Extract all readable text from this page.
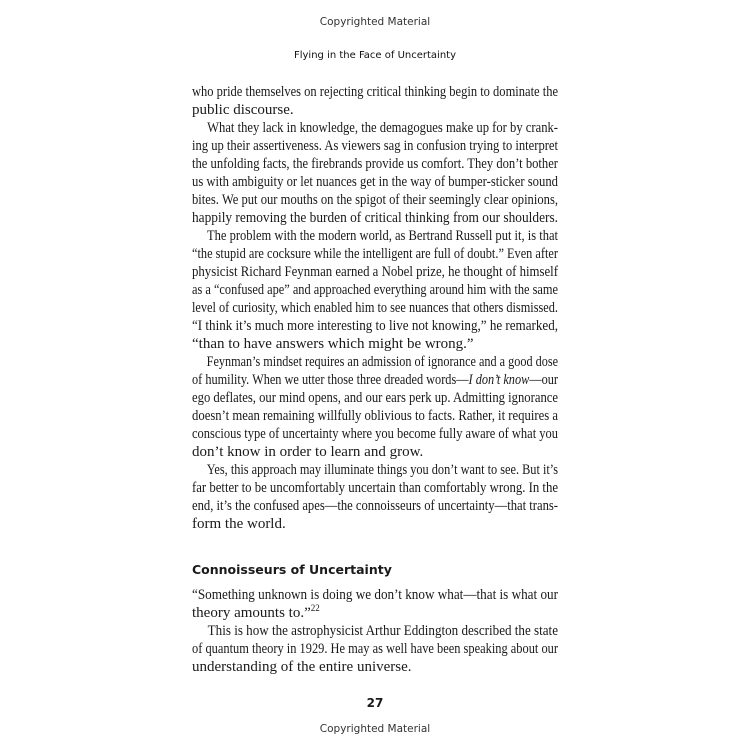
Copyrighted Material
Flying in the Face of Uncertainty
who pride themselves on rejecting critical thinking begin to dominate the
public discourse.
What they lack in knowledge, the demagogues make up for by crank-
ing up their assertiveness. As viewers sag in confusion trying to interpret
the unfolding facts, the firebrands provide us comfort. They don’t bother
us with ambiguity or let nuances get in the way of bumper-sticker sound
bites. We put our mouths on the spigot of their seemingly clear opinions,
happily removing the burden of critical thinking from our shoulders.
The problem with the modern world, as Bertrand Russell put it, is that
“the stupid are cocksure while the intelligent are full of doubt.” Even after
physicist Richard Feynman earned a Nobel prize, he thought of himself
as a “confused ape” and approached everything around him with the same
level of curiosity, which enabled him to see nuances that others dismissed.
“I think it’s much more interesting to live not knowing,” he remarked,
“than to have answers which might be wrong.”
Feynman’s mindset requires an admission of ignorance and a good dose
of humility. When we utter those three dreaded words—I don’t know—our
ego deflates, our mind opens, and our ears perk up. Admitting ignorance
doesn’t mean remaining willfully oblivious to facts. Rather, it requires a
conscious type of uncertainty where you become fully aware of what you
don’t know in order to learn and grow.
Yes, this approach may illuminate things you don’t want to see. But it’s
far better to be uncomfortably uncertain than comfortably wrong. In the
end, it’s the confused apes—the connoisseurs of uncertainty—that trans-
form the world.
Connoisseurs of Uncertainty
“Something unknown is doing we don’t know what—that is what our
theory amounts to.”$^{22}$
This is how the astrophysicist Arthur Eddington described the state
of quantum theory in 1929. He may as well have been speaking about our
understanding of the entire universe.
27
Copyrighted Material
